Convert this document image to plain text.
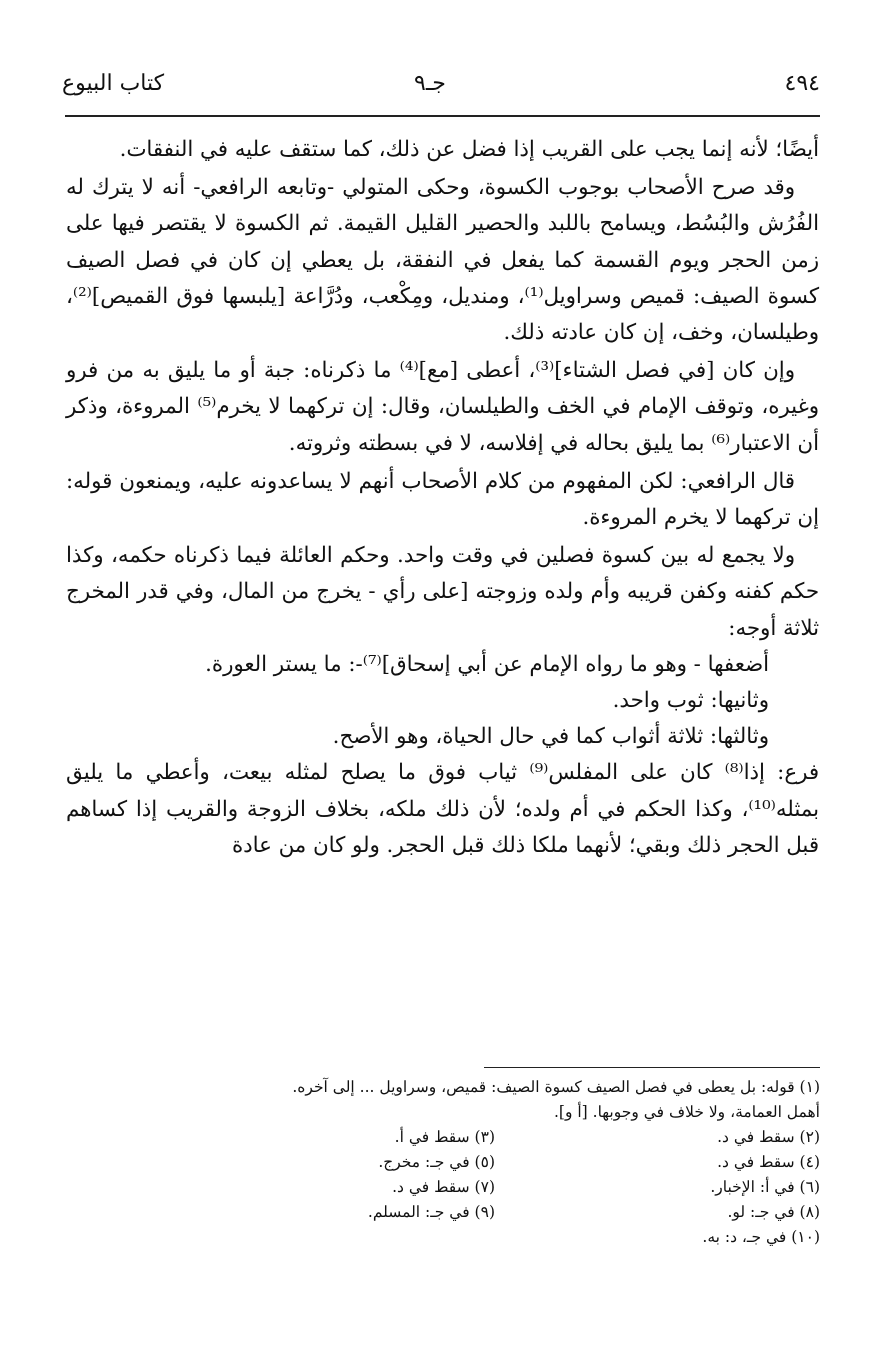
٤٩٤
جـ٩
كتاب البيوع

أيضًا؛ لأنه إنما يجب على القريب إذا فضل عن ذلك، كما ستقف عليه في النفقات.

وقد صرح الأصحاب بوجوب الكسوة، وحكى المتولي -وتابعه الرافعي- أنه لا يترك له الفُرُش والبُسُط، ويسامح باللبد والحصير القليل القيمة. ثم الكسوة لا يقتصر فيها على زمن الحجر ويوم القسمة كما يفعل في النفقة، بل يعطي إن كان في فصل الصيف كسوة الصيف: قميص وسراويل⁽¹⁾، ومنديل، ومِكْعب، ودُرَّاعة [يلبسها فوق القميص]⁽²⁾، وطيلسان، وخف، إن كان عادته ذلك.

وإن كان [في فصل الشتاء]⁽³⁾، أعطى [مع]⁽⁴⁾ ما ذكرناه: جبة أو ما يليق به من فرو وغيره، وتوقف الإمام في الخف والطيلسان، وقال: إن تركهما لا يخرم⁽⁵⁾ المروءة، وذكر أن الاعتبار⁽⁶⁾ بما يليق بحاله في إفلاسه، لا في بسطته وثروته.

قال الرافعي: لكن المفهوم من كلام الأصحاب أنهم لا يساعدونه عليه، ويمنعون قوله: إن تركهما لا يخرم المروءة.

ولا يجمع له بين كسوة فصلين في وقت واحد. وحكم العائلة فيما ذكرناه حكمه، وكذا حكم كفنه وكفن قريبه وأم ولده وزوجته [على رأي - يخرج من المال، وفي قدر المخرج ثلاثة أوجه:

أضعفها - وهو ما رواه الإمام عن أبي إسحاق]⁽⁷⁾-: ما يستر العورة.

وثانيها: ثوب واحد.

وثالثها: ثلاثة أثواب كما في حال الحياة، وهو الأصح.

فرع: إذا⁽⁸⁾ كان على المفلس⁽⁹⁾ ثياب فوق ما يصلح لمثله بيعت، وأعطي ما يليق بمثله⁽¹⁰⁾، وكذا الحكم في أم ولده؛ لأن ذلك ملكه، بخلاف الزوجة والقريب إذا كساهم قبل الحجر ذلك وبقي؛ لأنهما ملكا ذلك قبل الحجر. ولو كان من عادة

(١) قوله: بل يعطى في فصل الصيف كسوة الصيف: قميص، وسراويل ... إلى آخره.

أهمل العمامة، ولا خلاف في وجوبها. [أ و].

(٢) سقط في د.
(٣) سقط في أ.
(٤) سقط في د.
(٥) في جـ: مخرج.
(٦) في أ: الإخبار.
(٧) سقط في د.
(٨) في جـ: لو.
(٩) في جـ: المسلم.

(١٠) في جـ، د: به.
